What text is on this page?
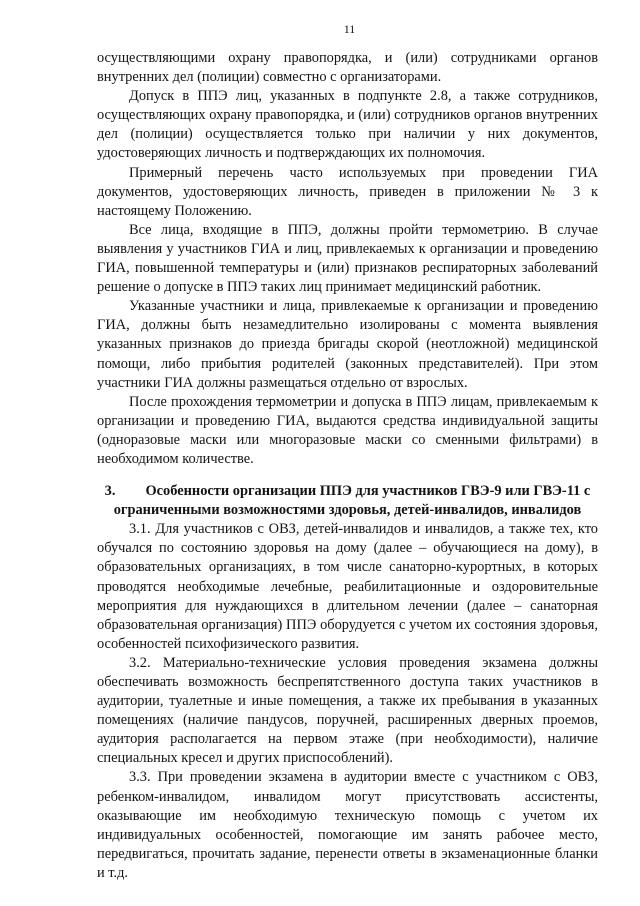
11

осуществляющими охрану правопорядка, и (или) сотрудниками органов внутренних дел (полиции) совместно с организаторами.

Допуск в ППЭ лиц, указанных в подпункте 2.8, а также сотрудников, осуществляющих охрану правопорядка, и (или) сотрудников органов внутренних дел (полиции) осуществляется только при наличии у них документов, удостоверяющих личность и подтверждающих их полномочия.

Примерный перечень часто используемых при проведении ГИА документов, удостоверяющих личность, приведен в приложении № 3 к настоящему Положению.

Все лица, входящие в ППЭ, должны пройти термометрию. В случае выявления у участников ГИА и лиц, привлекаемых к организации и проведению ГИА, повышенной температуры и (или) признаков респираторных заболеваний решение о допуске в ППЭ таких лиц принимает медицинский работник.

Указанные участники и лица, привлекаемые к организации и проведению ГИА, должны быть незамедлительно изолированы с момента выявления указанных признаков до приезда бригады скорой (неотложной) медицинской помощи, либо прибытия родителей (законных представителей). При этом участники ГИА должны размещаться отдельно от взрослых.

После прохождения термометрии и допуска в ППЭ лицам, привлекаемым к организации и проведению ГИА, выдаются средства индивидуальной защиты (одноразовые маски или многоразовые маски со сменными фильтрами) в необходимом количестве.

3. Особенности организации ППЭ для участников ГВЭ-9 или ГВЭ-11 с ограниченными возможностями здоровья, детей-инвалидов, инвалидов

3.1. Для участников с ОВЗ, детей-инвалидов и инвалидов, а также тех, кто обучался по состоянию здоровья на дому (далее – обучающиеся на дому), в образовательных организациях, в том числе санаторно-курортных, в которых проводятся необходимые лечебные, реабилитационные и оздоровительные мероприятия для нуждающихся в длительном лечении (далее – санаторная образовательная организация) ППЭ оборудуется с учетом их состояния здоровья, особенностей психофизического развития.

3.2. Материально-технические условия проведения экзамена должны обеспечивать возможность беспрепятственного доступа таких участников в аудитории, туалетные и иные помещения, а также их пребывания в указанных помещениях (наличие пандусов, поручней, расширенных дверных проемов, аудитория располагается на первом этаже (при необходимости), наличие специальных кресел и других приспособлений).

3.3. При проведении экзамена в аудитории вместе с участником с ОВЗ, ребенком-инвалидом, инвалидом могут присутствовать ассистенты, оказывающие им необходимую техническую помощь с учетом их индивидуальных особенностей, помогающие им занять рабочее место, передвигаться, прочитать задание, перенести ответы в экзаменационные бланки и т.д.
